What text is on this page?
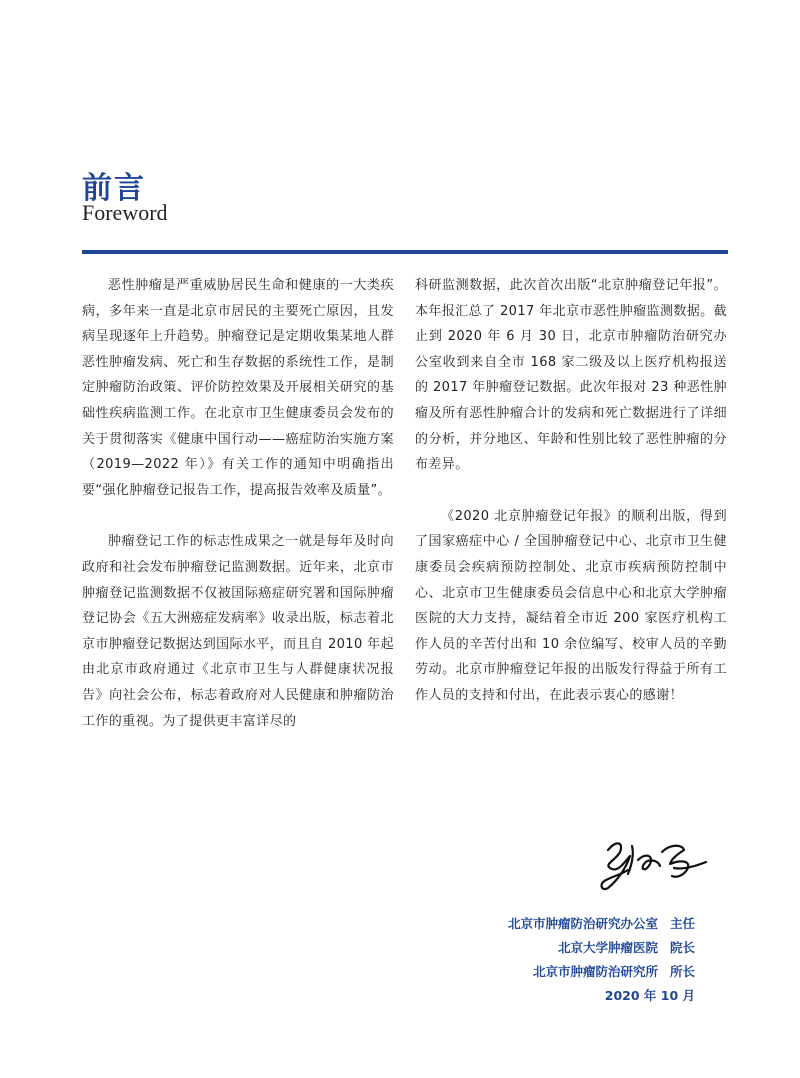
前言
Foreword

恶性肿瘤是严重威胁居民生命和健康的一大类疾病，多年来一直是北京市居民的主要死亡原因，且发病呈现逐年上升趋势。肿瘤登记是定期收集某地人群恶性肿瘤发病、死亡和生存数据的系统性工作，是制定肿瘤防治政策、评价防控效果及开展相关研究的基础性疾病监测工作。在北京市卫生健康委员会发布的关于贯彻落实《健康中国行动——癌症防治实施方案（2019—2022 年）》有关工作的通知中明确指出要“强化肿瘤登记报告工作，提高报告效率及质量”。

肿瘤登记工作的标志性成果之一就是每年及时向政府和社会发布肿瘤登记监测数据。近年来，北京市肿瘤登记监测数据不仅被国际癌症研究署和国际肿瘤登记协会《五大洲癌症发病率》收录出版，标志着北京市肿瘤登记数据达到国际水平，而且自 2010 年起由北京市政府通过《北京市卫生与人群健康状况报告》向社会公布，标志着政府对人民健康和肿瘤防治工作的重视。为了提供更丰富详尽的

科研监测数据，此次首次出版“北京肿瘤登记年报”。本年报汇总了 2017 年北京市恶性肿瘤监测数据。截止到 2020 年 6 月 30 日，北京市肿瘤防治研究办公室收到来自全市 168 家二级及以上医疗机构报送的 2017 年肿瘤登记数据。此次年报对 23 种恶性肿瘤及所有恶性肿瘤合计的发病和死亡数据进行了详细的分析，并分地区、年龄和性别比较了恶性肿瘤的分布差异。

《2020 北京肿瘤登记年报》的顺利出版，得到了国家癌症中心 / 全国肿瘤登记中心、北京市卫生健康委员会疾病预防控制处、北京市疾病预防控制中心、北京市卫生健康委员会信息中心和北京大学肿瘤医院的大力支持，凝结着全市近 200 家医疗机构工作人员的辛苦付出和 10 余位编写、校审人员的辛勤劳动。北京市肿瘤登记年报的出版发行得益于所有工作人员的支持和付出，在此表示衷心的感谢！

北京市肿瘤防治研究办公室 主任
北京大学肿瘤医院 院长
北京市肿瘤防治研究所 所长
2020 年 10 月
